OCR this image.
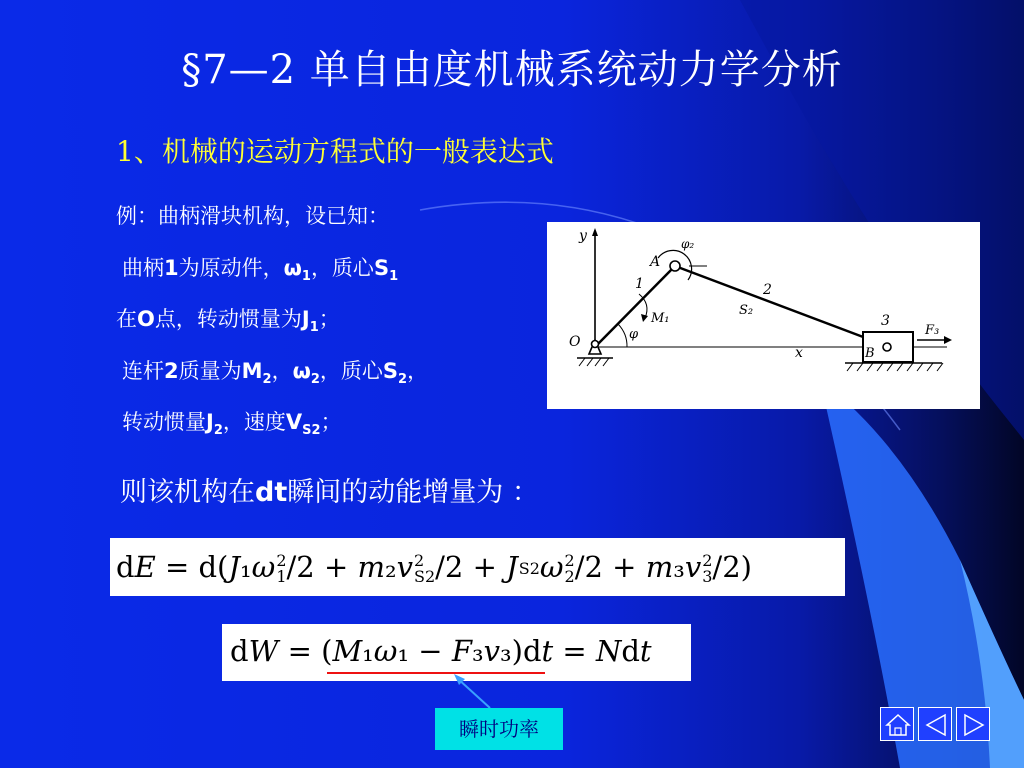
§7—2 单自由度机械系统动力学分析
1、机械的运动方程式的一般表达式
例：曲柄滑块机构，设已知：
曲柄1为原动件，$\omega_1$，质心$S_1$
在O点，转动惯量为$J_1$；
连杆2质量为$M_2$，$\omega_2$，质心$S_2$，
转动惯量$J_2$，速度$V_{S2}$；
y	φ₂
A
1	2
3
S₂
M₁
φ
O
x	B
F₃
则该机构在dt瞬间的动能增量为 ：
dE = d(J₁ω 2
1 /2 + m₂v 2
S2 /2 + J S2 ω 2
2 /2 + m₃v 2
3 /2)
dW = (M₁ω₁ − F₃v₃)dt = Ndt
瞬时功率
